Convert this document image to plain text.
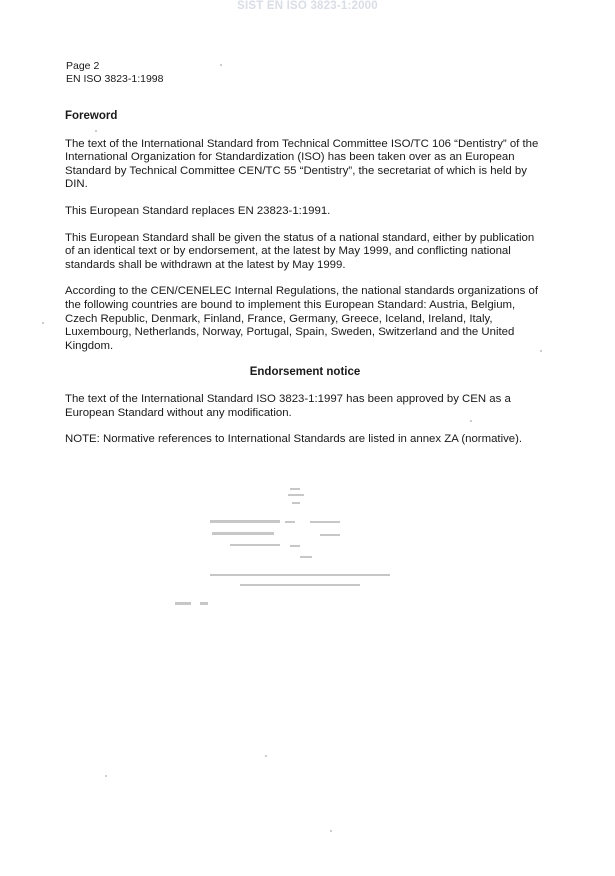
SIST EN ISO 3823-1:2000
Page 2
EN ISO 3823-1:1998
Foreword

The text of the International Standard from Technical Committee ISO/TC 106 “Dentistry” of the International Organization for Standardization (ISO) has been taken over as an European Standard by Technical Committee CEN/TC 55 “Dentistry”, the secretariat of which is held by DIN.

This European Standard replaces EN 23823-1:1991.

This European Standard shall be given the status of a national standard, either by publication of an identical text or by endorsement, at the latest by May 1999, and conflicting national standards shall be withdrawn at the latest by May 1999.

According to the CEN/CENELEC Internal Regulations, the national standards organizations of the following countries are bound to implement this European Standard: Austria, Belgium, Czech Republic, Denmark, Finland, France, Germany, Greece, Iceland, Ireland, Italy, Luxembourg, Netherlands, Norway, Portugal, Spain, Sweden, Switzerland and the United Kingdom.

Endorsement notice

The text of the International Standard ISO 3823-1:1997 has been approved by CEN as a European Standard without any modification.

NOTE: Normative references to International Standards are listed in annex ZA (normative).
